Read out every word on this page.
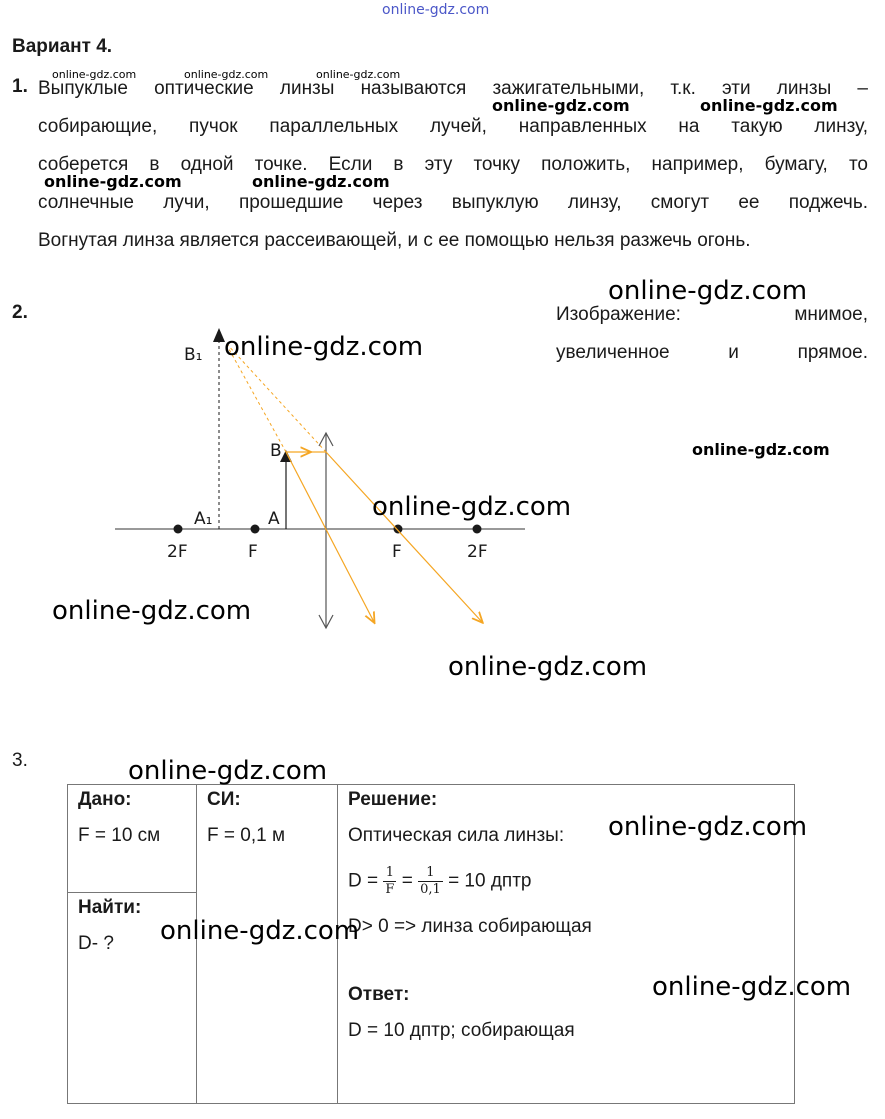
online-gdz.com
Вариант 4.
1. Выпуклые оптические линзы называются зажигательными, т.к. эти линзы –
собирающие, пучок параллельных лучей, направленных на такую линзу,
соберется в одной точке. Если в эту точку положить, например, бумагу, то
солнечные лучи, прошедшие через выпуклую линзу, смогут ее поджечь.
Вогнутая линза является рассеивающей, и с ее помощью нельзя разжечь огонь.
2.	Изображение: мнимое,
увеличенное и прямое.
B₁
B
A₁	A
2F	F	F	2F
3.
Дано:
F = 10 см

СИ:
F = 0,1 м

Решение:
Оптическая сила линзы:
$D = \frac{1}{F} = \frac{1}{0,1} = 10$ дптр
D> 0 => линза собирающая
Ответ:
D = 10 дптр; собирающая

Найти:
D- ?
online-gdz.com	online-gdz.com	online-gdz.com
online-gdz.com	online-gdz.com
online-gdz.com	online-gdz.com
online-gdz.com
online-gdz.com
online-gdz.com
online-gdz.com
online-gdz.com
online-gdz.com
online-gdz.com
online-gdz.com
online-gdz.com
online-gdz.com
